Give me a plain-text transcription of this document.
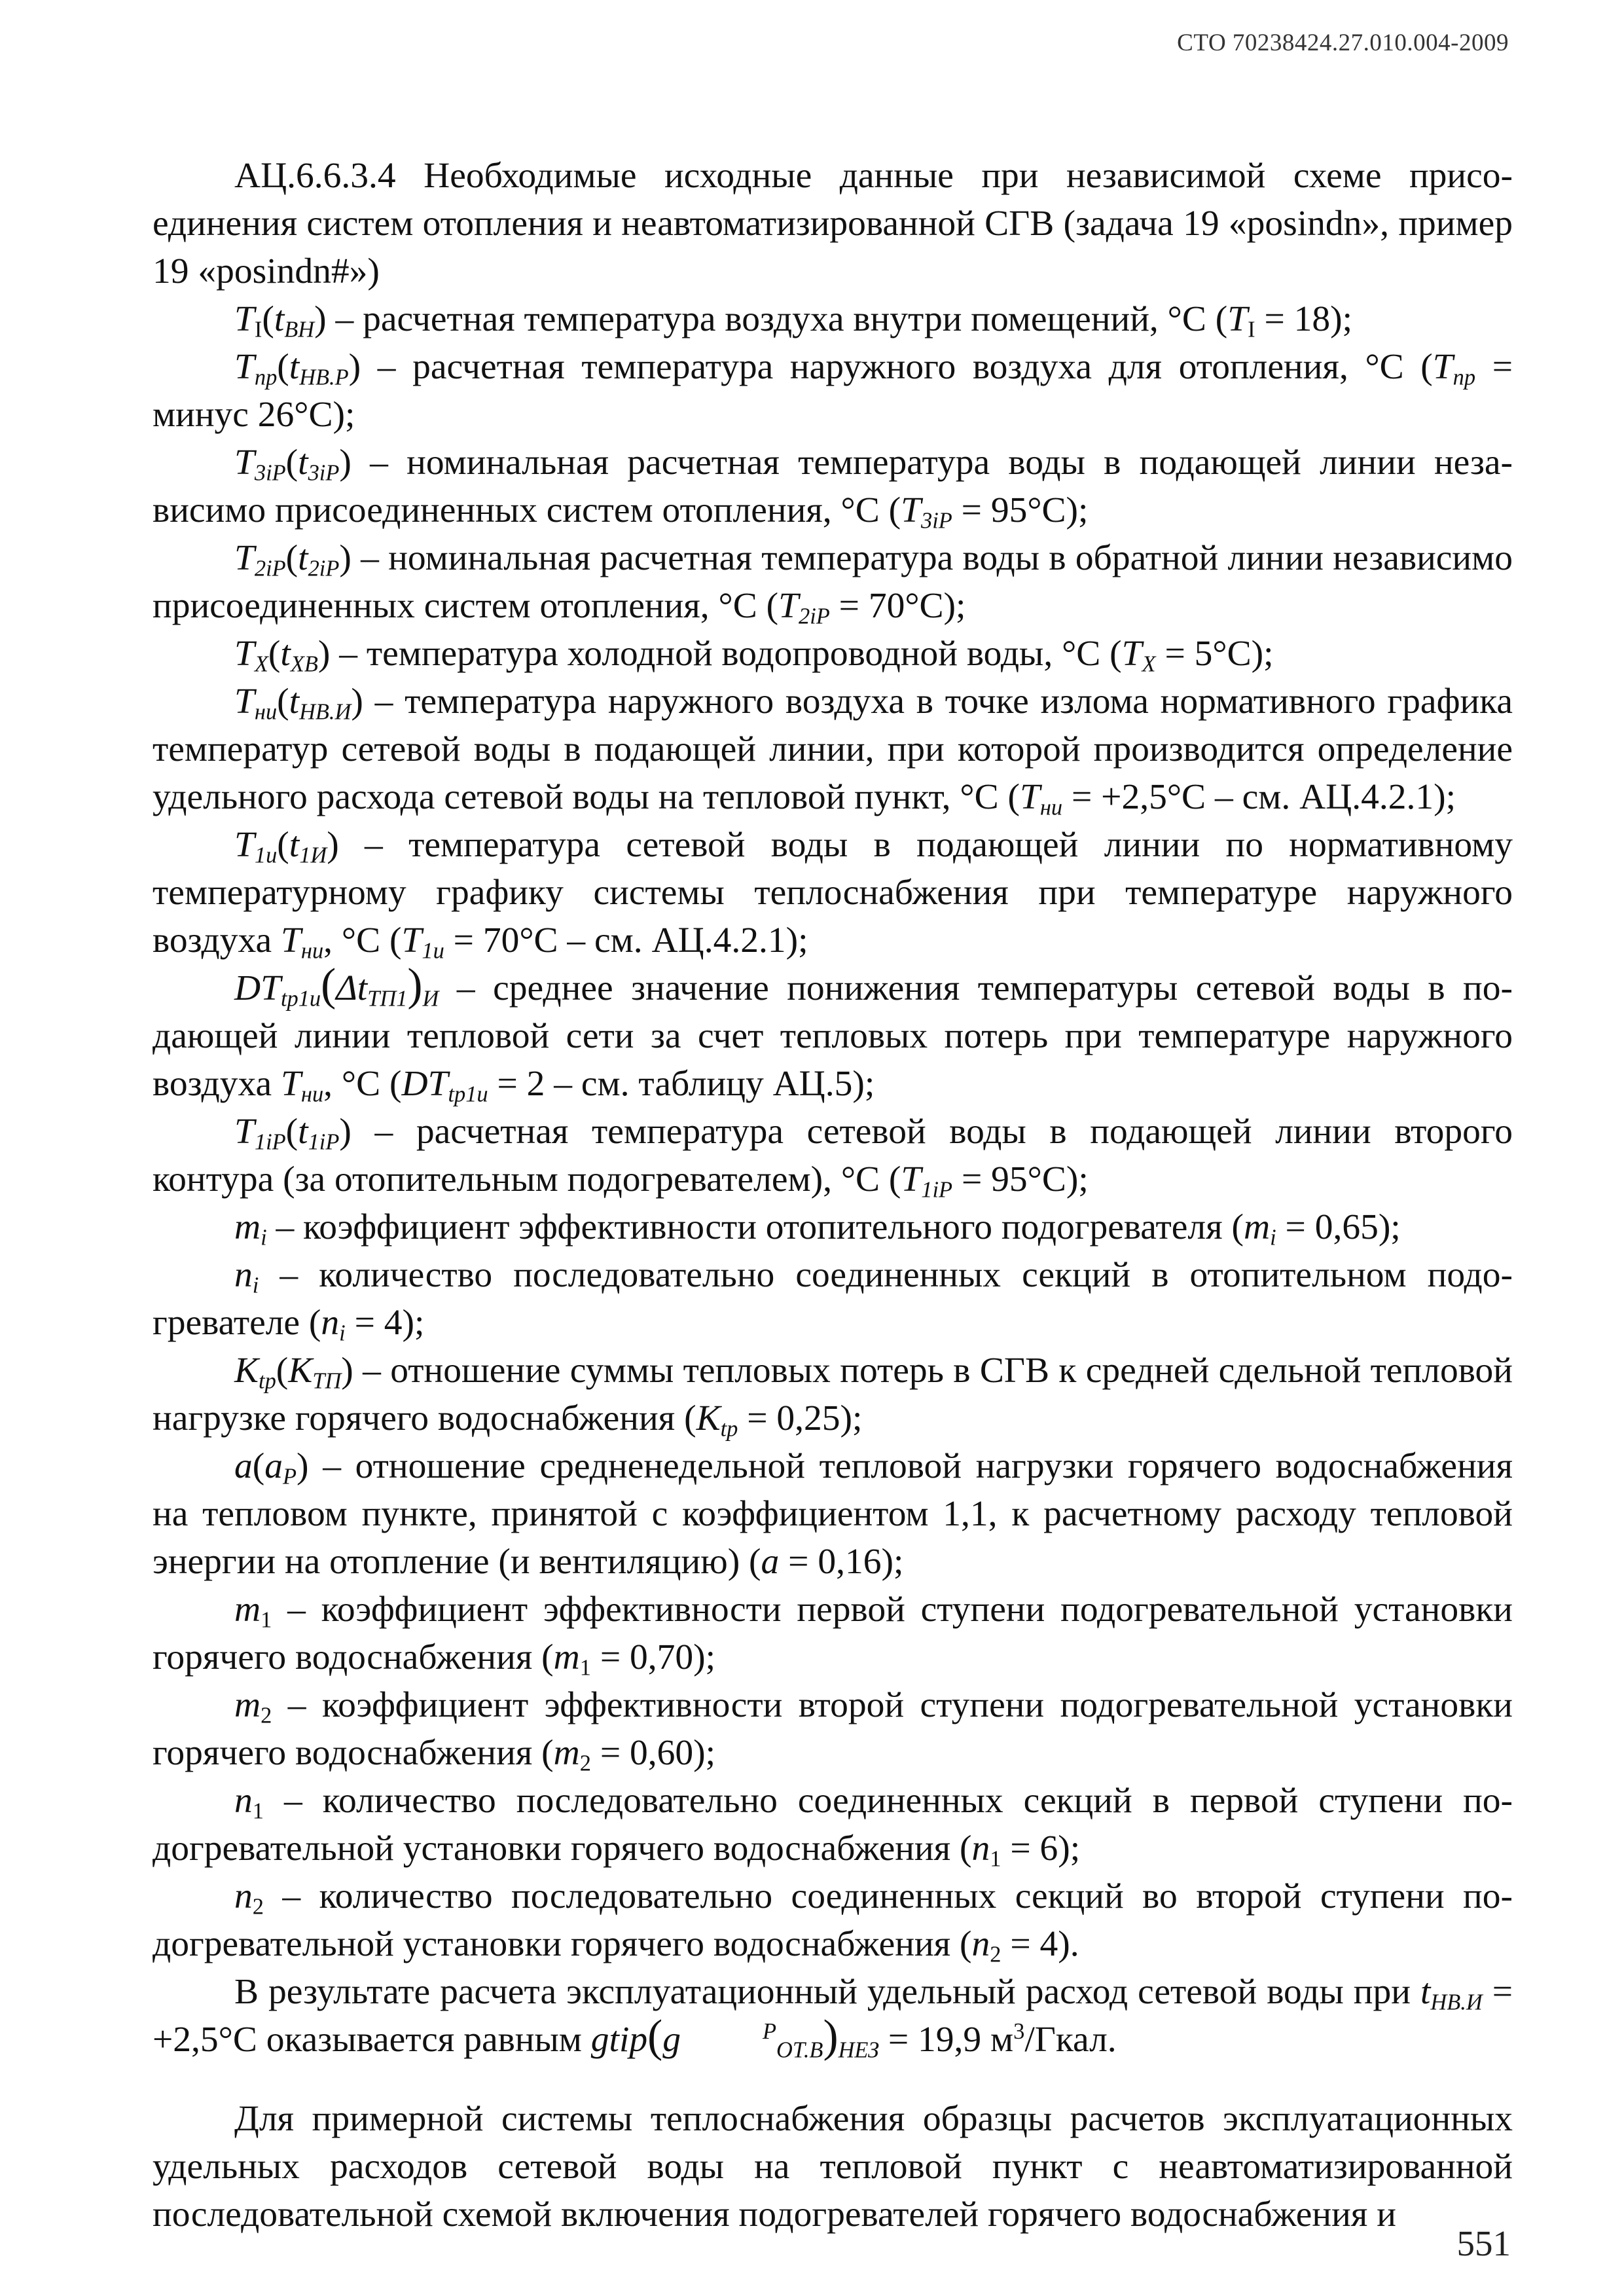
СТО 70238424.27.010.004-2009

АЦ.6.6.3.4 Необходимые исходные данные при независимой схеме присоединения систем отопления и неавтоматизированной СГВ (задача 19 «posindn», пример 19 «posindn#»)

$T_I(t_{ВН})$ – расчетная температура воздуха внутри помещений, °С $(T_I = 18)$;

$T_{пр}(t_{НВ.Р})$ – расчетная температура наружного воздуха для отопления, °С ($T_{пр}$ = минус 26°С);

$T_{3iP}(t_{3iP})$ – номинальная расчетная температура воды в подающей линии независимо присоединенных систем отопления, °С $(T_{3iP} = 95^\circ С)$;

$T_{2iP}(t_{2iP})$ – номинальная расчетная температура воды в обратной линии независимо присоединенных систем отопления, °С $(T_{2iP} = 70^\circ С)$;

$T_X(t_{ХВ})$ – температура холодной водопроводной воды, °С $(T_X = 5^\circ С)$;

$T_{ни}(t_{НВ.И})$ – температура наружного воздуха в точке излома нормативного графика температур сетевой воды в подающей линии, при которой производится определение удельного расхода сетевой воды на тепловой пункт, °С ($T_{ни} = +2,5^\circ С$ – см. АЦ.4.2.1);

$T_{1и}(t_{1И})$ – температура сетевой воды в подающей линии по нормативному температурному графику системы теплоснабжения при температуре наружного воздуха $T_{ни}$, °С ($T_{1и} = 70^\circ С$ – см. АЦ.4.2.1);

$DT_{tp1и}(\Delta t_{ТП1})_И$ – среднее значение понижения температуры сетевой воды в подающей линии тепловой сети за счет тепловых потерь при температуре наружного воздуха $T_{ни}$, °С ($DT_{tp1и} = 2$ – см. таблицу АЦ.5);

$T_{1iP}(t_{1iP})$ – расчетная температура сетевой воды в подающей линии второго контура (за отопительным подогревателем), °С $(T_{1iP} = 95^\circ С)$;

$m_i$ – коэффициент эффективности отопительного подогревателя $(m_i = 0,65)$;

$n_i$ – количество последовательно соединенных секций в отопительном подогревателе $(n_i = 4)$;

$K_{tp}(K_{ТП})$ – отношение суммы тепловых потерь в СГВ к средней сдельной тепловой нагрузке горячего водоснабжения $(K_{tp} = 0,25)$;

$a(a_P)$ – отношение средненедельной тепловой нагрузки горячего водоснабжения на тепловом пункте, принятой с коэффициентом 1,1, к расчетному расходу тепловой энергии на отопление (и вентиляцию) (a = 0,16);

$m_1$ – коэффициент эффективности первой ступени подогревательной установки горячего водоснабжения $(m_1 = 0,70)$;

$m_2$ – коэффициент эффективности второй ступени подогревательной установки горячего водоснабжения $(m_2 = 0,60)$;

$n_1$ – количество последовательно соединенных секций в первой ступени подогревательной установки горячего водоснабжения $(n_1 = 6)$;

$n_2$ – количество последовательно соединенных секций во второй ступени подогревательной установки горячего водоснабжения $(n_2 = 4)$.

В результате расчета эксплуатационный удельный расход сетевой воды при $t_{НВ.И} = +2,5^\circ С$ оказывается равным gtip(g	$^P_{ОТ.В})_{НЕЗ} = 19,9$ $м^3$/Гкал.

Для примерной системы теплоснабжения образцы расчетов эксплуатационных удельных расходов сетевой воды на тепловой пункт с неавтоматизированной последовательной схемой включения подогревателей горячего водоснабжения и

551
